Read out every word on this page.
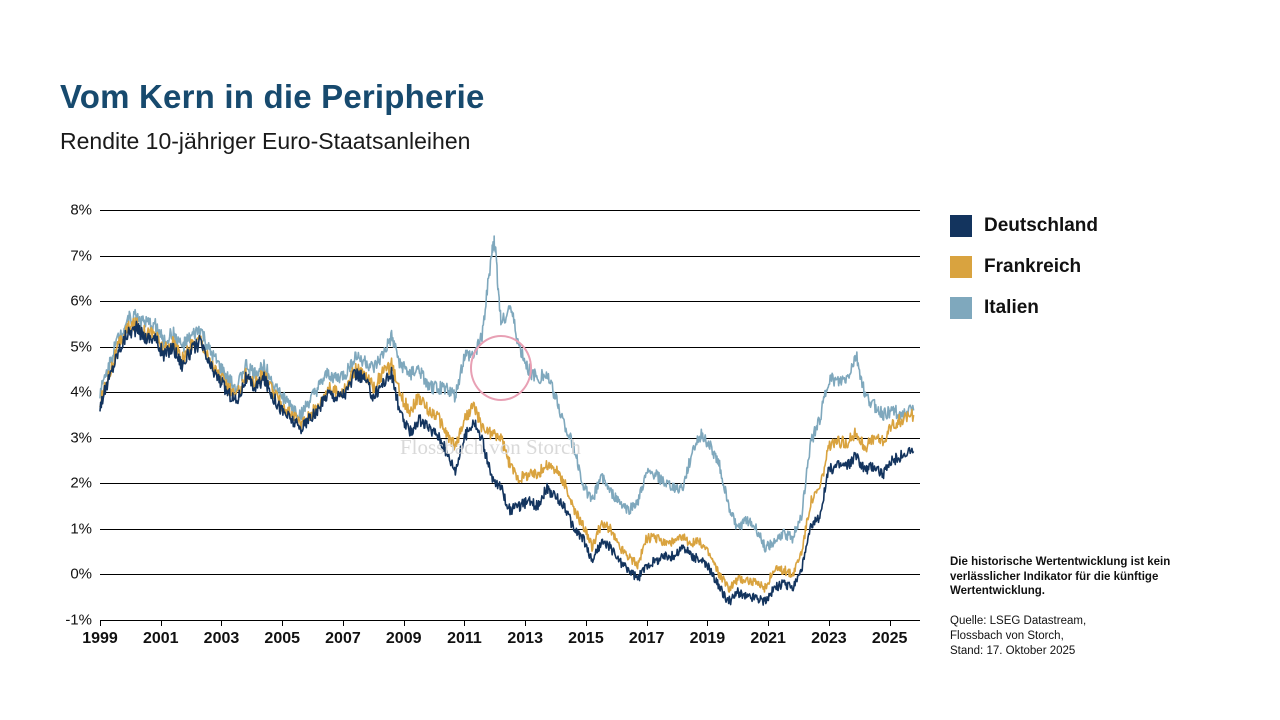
Vom Kern in die Peripherie
Rendite 10-jähriger Euro-Staatsanleihen
8%
7%
6%
5%
4%
3%
2%
1%
0%
-1%
Flossbach von Storch
1999 2001 2003 2005 2007 2009 2011 2013 2015 2017 2019 2021 2023 2025
Deutschland
Frankreich
Italien
Die historische Wertentwicklung ist kein verlässlicher Indikator für die künftige Wertentwicklung.
Quelle: LSEG Datastream,
Flossbach von Storch,
Stand: 17. Oktober 2025
